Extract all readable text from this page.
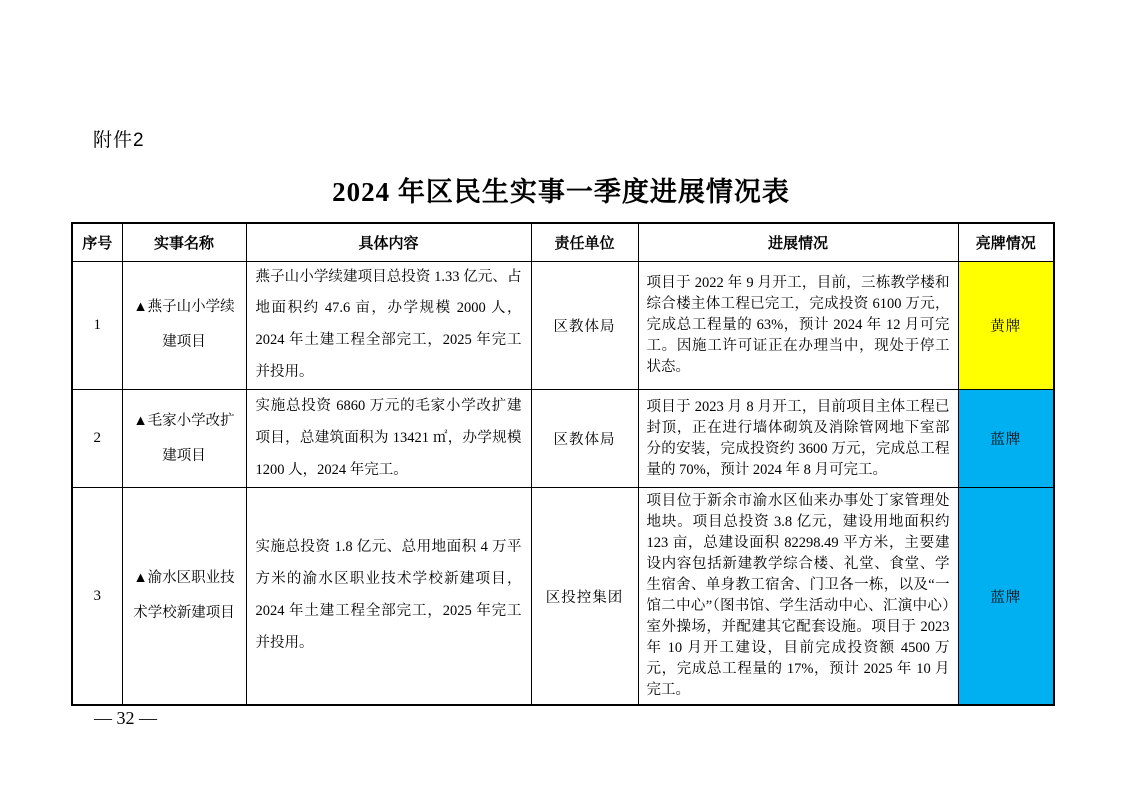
附件2
2024 年区民生实事一季度进展情况表
序号	实事名称	具体内容	责任单位	进展情况	亮牌情况
1	▲燕子山小学续建项目	燕子山小学续建项目总投资 1.33 亿元、占地面积约 47.6 亩，办学规模 2000 人，2024 年土建工程全部完工，2025 年完工并投用。	区教体局	项目于 2022 年 9 月开工，目前，三栋教学楼和综合楼主体工程已完工，完成投资 6100 万元，完成总工程量的 63%，预计 2024 年 12 月可完工。因施工许可证正在办理当中，现处于停工状态。	黄牌
2	▲毛家小学改扩建项目	实施总投资 6860 万元的毛家小学改扩建项目，总建筑面积为 13421 ㎡，办学规模 1200 人，2024 年完工。	区教体局	项目于 2023 月 8 月开工，目前项目主体工程已封顶，正在进行墙体砌筑及消除管网地下室部分的安装，完成投资约 3600 万元，完成总工程量的 70%，预计 2024 年 8 月可完工。	蓝牌
3	▲渝水区职业技术学校新建项目	实施总投资 1.8 亿元、总用地面积 4 万平方米的渝水区职业技术学校新建项目，2024 年土建工程全部完工，2025 年完工并投用。	区投控集团	项目位于新余市渝水区仙来办事处丁家管理处地块。项目总投资 3.8 亿元，建设用地面积约 123 亩，总建设面积 82298.49 平方米，主要建设内容包括新建教学综合楼、礼堂、食堂、学生宿舍、单身教工宿舍、门卫各一栋，以及“一馆二中心”（图书馆、学生活动中心、汇演中心）室外操场，并配建其它配套设施。项目于 2023 年 10 月开工建设，目前完成投资额 4500 万元，完成总工程量的 17%，预计 2025 年 10 月完工。	蓝牌
— 32 —
